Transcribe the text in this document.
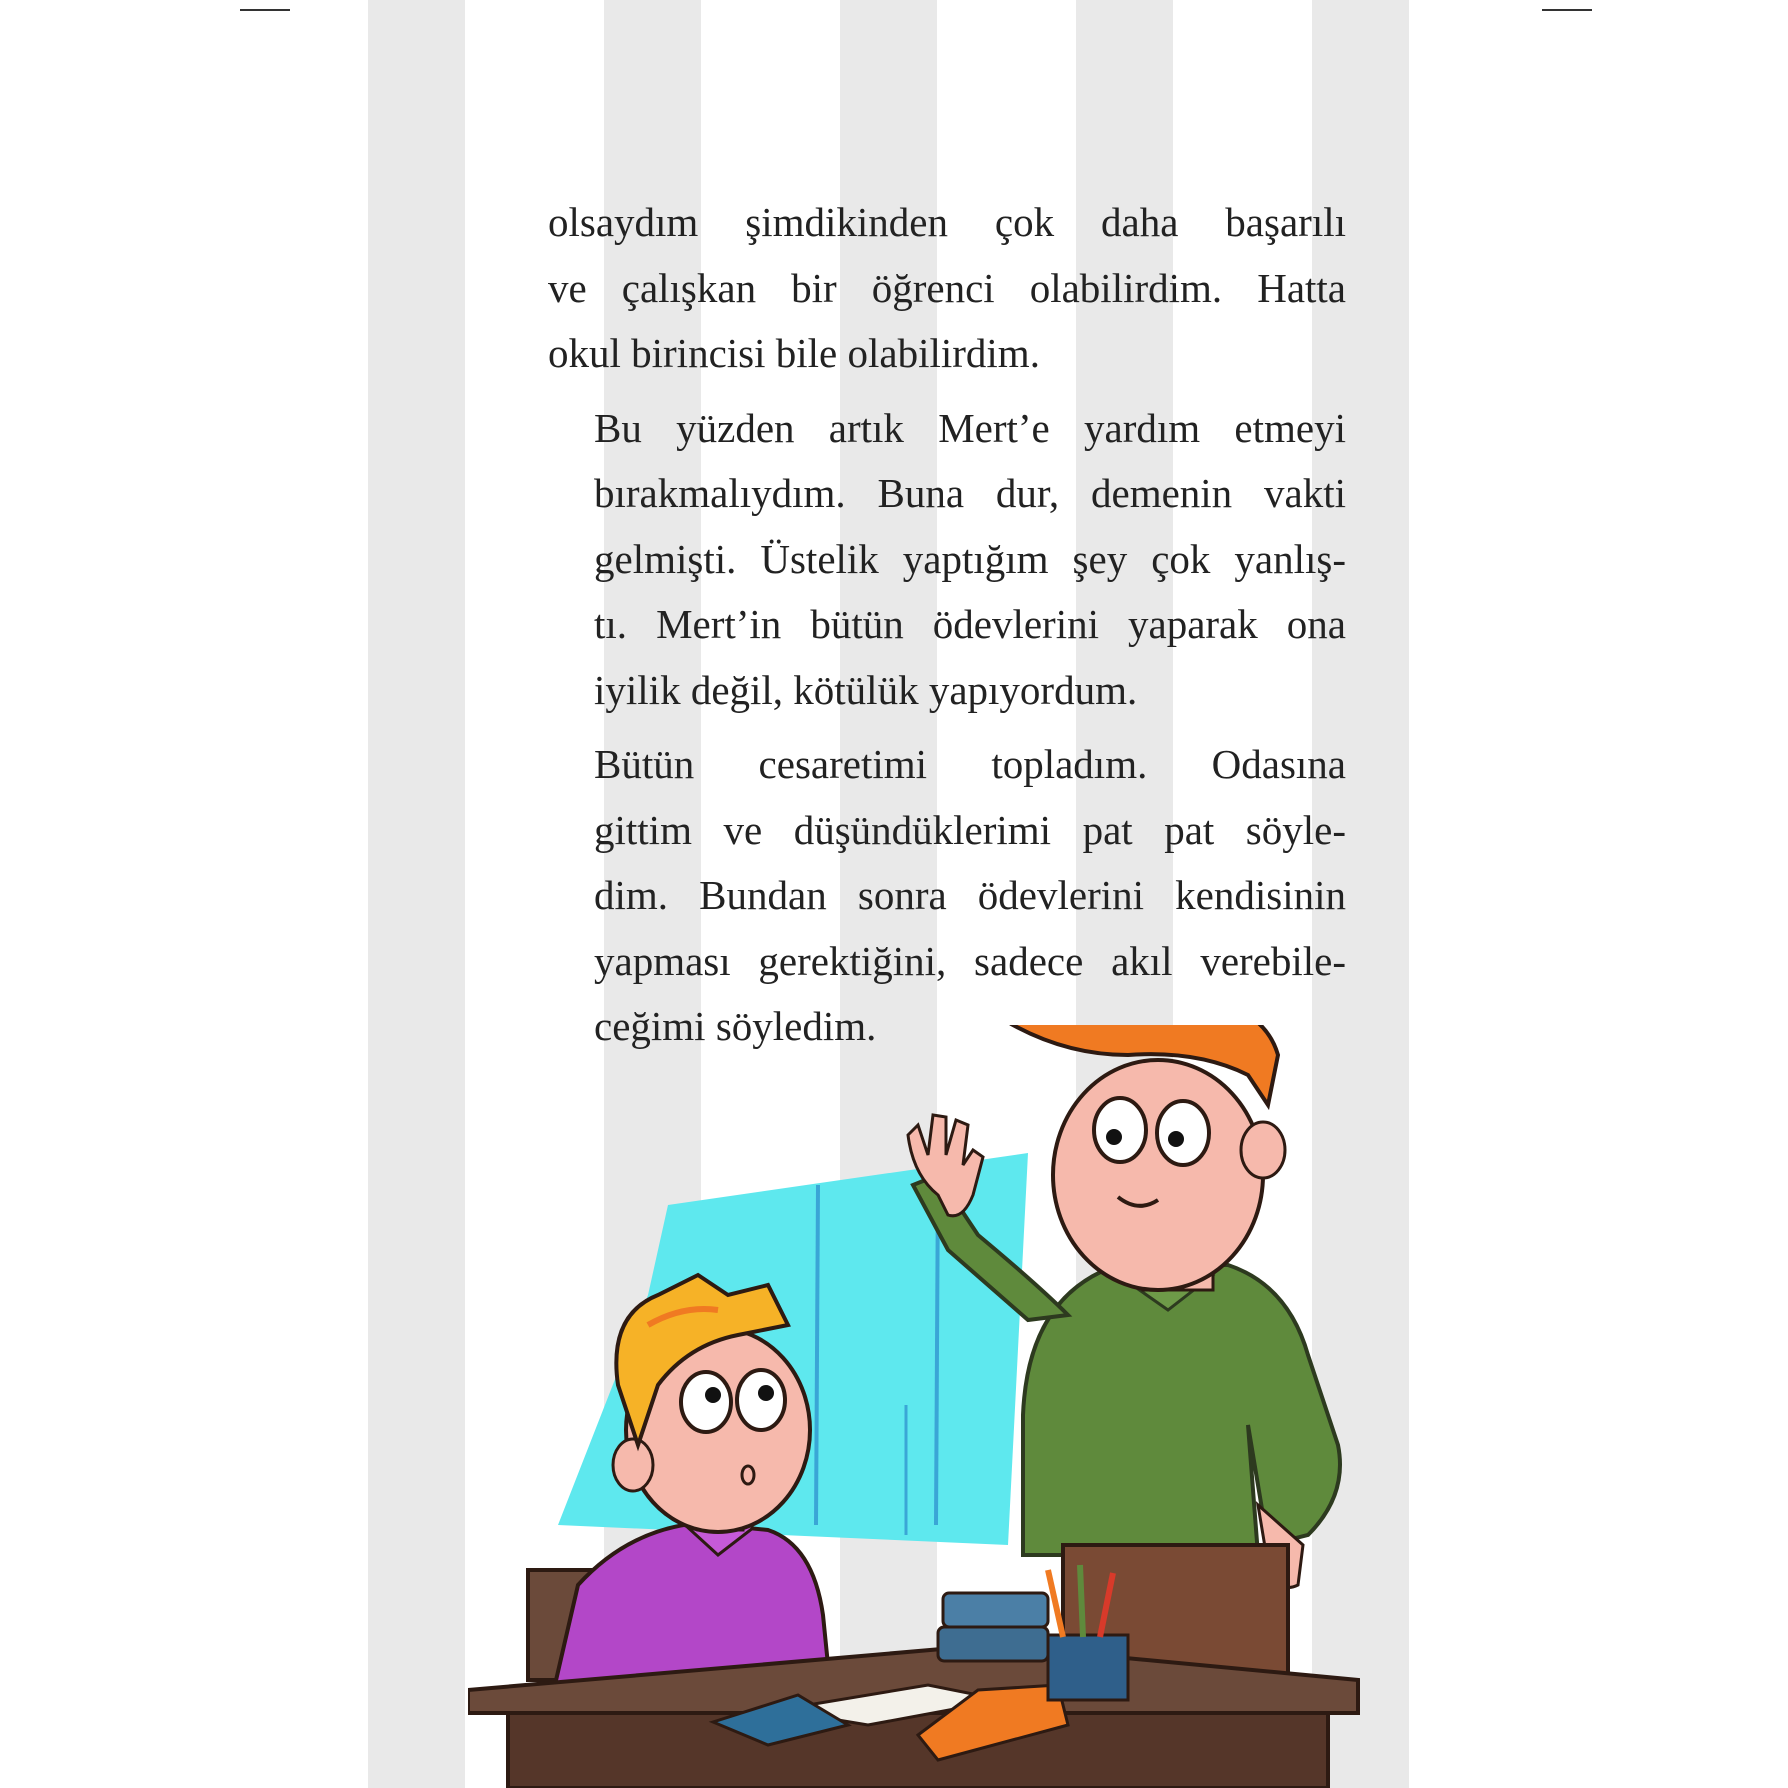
olsaydım şimdikinden çok daha başarılı
ve çalışkan bir öğrenci olabilirdim. Hatta
okul birincisi bile olabilirdim.
Bu yüzden artık Mert’e yardım etmeyi
bırakmalıydım. Buna dur, demenin vakti
gelmişti. Üstelik yaptığım şey çok yanlış-
tı. Mert’in bütün ödevlerini yaparak ona
iyilik değil, kötülük yapıyordum.
Bütün cesaretimi topladım. Odasına
gittim ve düşündüklerimi pat pat söyle-
dim. Bundan sonra ödevlerini kendisinin
yapması gerektiğini, sadece akıl verebile-
ceğimi söyledim.
